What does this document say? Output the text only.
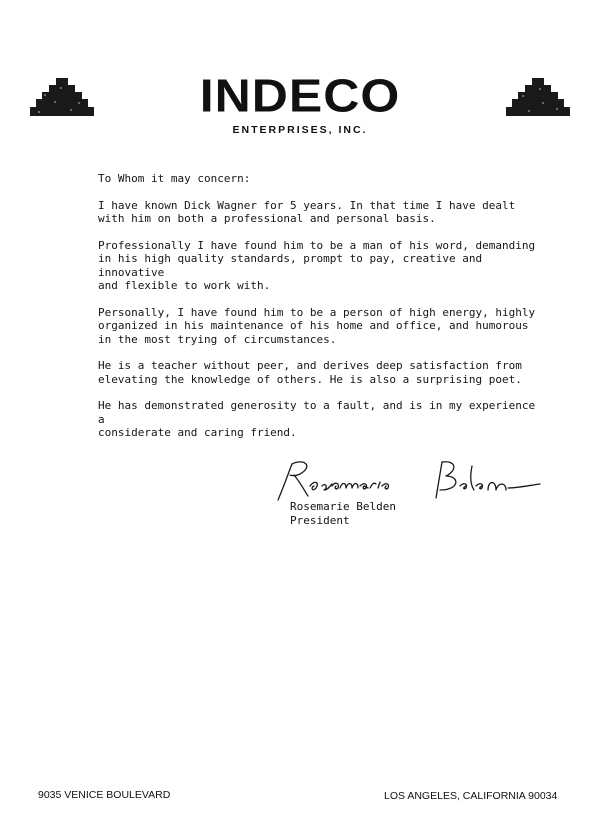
INDECO
ENTERPRISES, INC.
To Whom it may concern:
I have known Dick Wagner for 5 years. In that time I have dealt
with him on both a professional and personal basis.
Professionally I have found him to be a man of his word, demanding
in his high quality standards, prompt to pay, creative and innovative
and flexible to work with.
Personally, I have found him to be a person of high energy, highly
organized in his maintenance of his home and office, and humorous
in the most trying of circumstances.
He is a teacher without peer, and derives deep satisfaction from
elevating the knowledge of others. He is also a surprising poet.
He has demonstrated generosity to a fault, and is in my experience a
considerate and caring friend.
Rosemarie Belden
President
9035 VENICE BOULEVARD	LOS ANGELES, CALIFORNIA 90034
